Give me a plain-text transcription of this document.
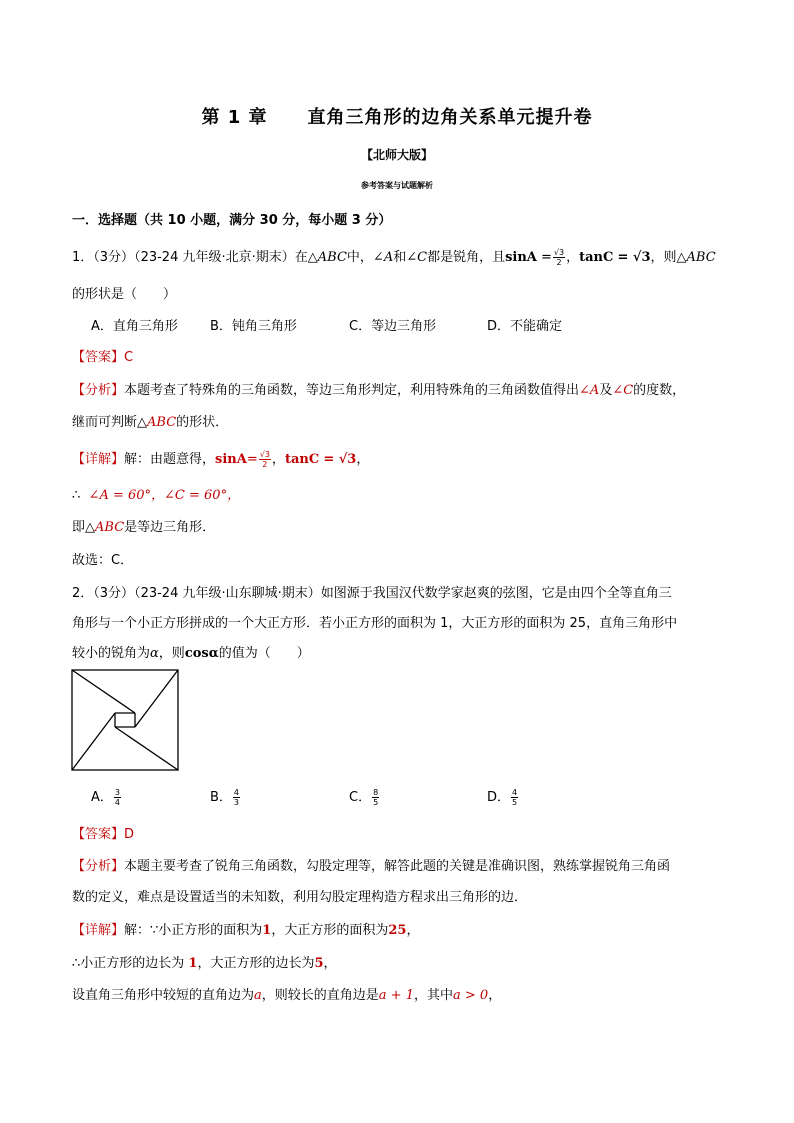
第 1 章 直角三角形的边角关系单元提升卷
【北师大版】
参考答案与试题解析
一．选择题（共 10 小题，满分 30 分，每小题 3 分）
1．（3分）（23-24 九年级·北京·期末）在△ABC中，∠A和∠C都是锐角，且$\sin A = \frac{√3}{2}$ ，tanC = √3，则△ABC
的形状是（　　）
A．直角三角形 B．钝角三角形	C．等边三角形	D．不能确定
【答案】C
【分析】本题考查了特殊角的三角函数，等边三角形判定，利用特殊角的三角函数值得出∠A及∠C的度数，
继而可判断△ABC的形状．
【详解】解：由题意得，$\sin A= \frac{√3}{2}$ ，tanC = √3，
∴ ∠A = 60°，∠C = 60°，
即△ABC是等边三角形．
故选：C．
2．（3分）（23-24 九年级·山东聊城·期末）如图源于我国汉代数学家赵爽的弦图，它是由四个全等直角三
角形与一个小正方形拼成的一个大正方形．若小正方形的面积为 1，大正方形的面积为 25，直角三角形中
较小的锐角为α，则cosα的值为（　　）
A． $\frac{3}{4}$	B． $\frac{4}{3}$	C． $\frac{8}{5}$	D． $\frac{4}{5}$
【答案】D
【分析】本题主要考查了锐角三角函数，勾股定理等，解答此题的关键是准确识图，熟练掌握锐角三角函
数的定义，难点是设置适当的未知数，利用勾股定理构造方程求出三角形的边．
【详解】解：∵小正方形的面积为1，大正方形的面积为25，
∴小正方形的边长为 1，大正方形的边长为5，
设直角三角形中较短的直角边为a，则较长的直角边是a + 1，其中a > 0，
